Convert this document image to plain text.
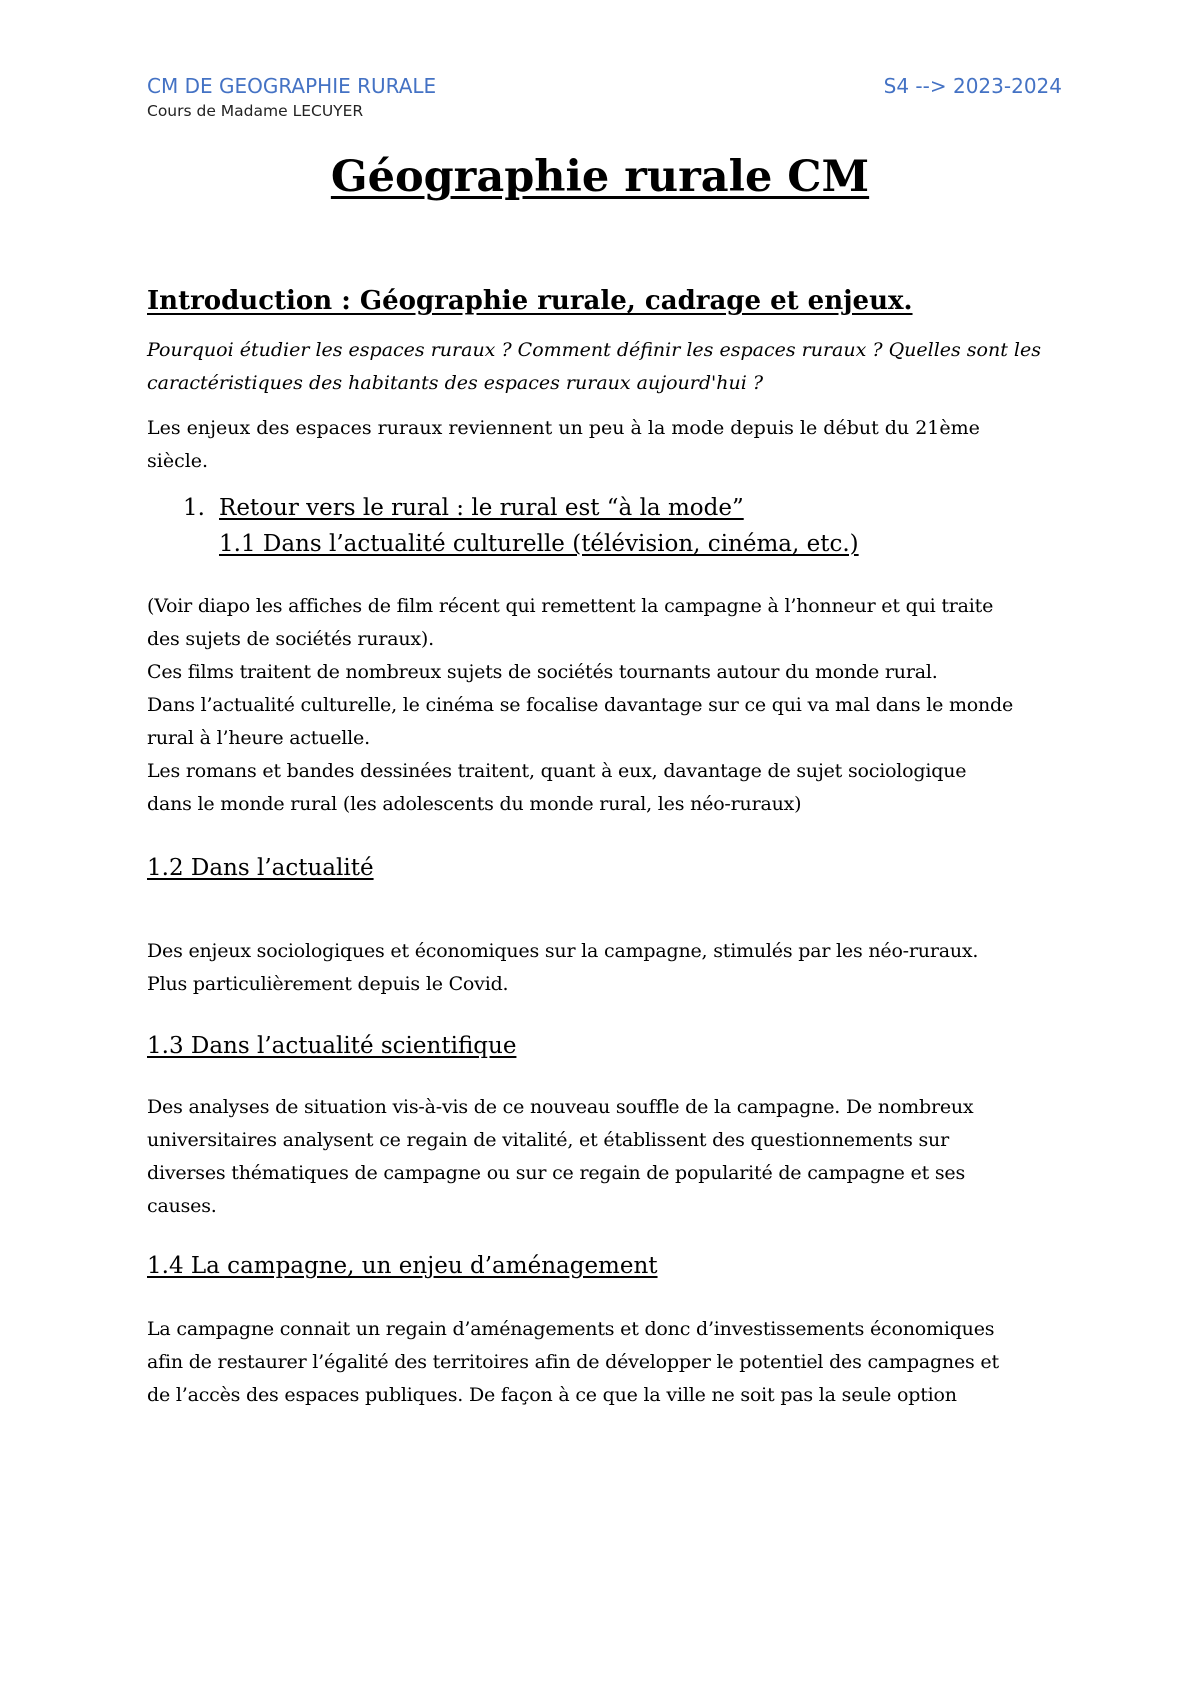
CM DE GEOGRAPHIE RURALE
Cours de Madame LECUYER
S4 --> 2023-2024
Géographie rurale CM
Introduction : Géographie rurale, cadrage et enjeux.

Pourquoi étudier les espaces ruraux ? Comment définir les espaces ruraux ? Quelles sont les

caractéristiques des habitants des espaces ruraux aujourd'hui ?

Les enjeux des espaces ruraux reviennent un peu à la mode depuis le début du 21ème

siècle.

1. Retour vers le rural : le rural est “à la mode”
1.1 Dans l’actualité culturelle (télévision, cinéma, etc.)

(Voir diapo les affiches de film récent qui remettent la campagne à l’honneur et qui traite

des sujets de sociétés ruraux).

Ces films traitent de nombreux sujets de sociétés tournants autour du monde rural.

Dans l’actualité culturelle, le cinéma se focalise davantage sur ce qui va mal dans le monde

rural à l’heure actuelle.

Les romans et bandes dessinées traitent, quant à eux, davantage de sujet sociologique

dans le monde rural (les adolescents du monde rural, les néo-ruraux)

1.2 Dans l’actualité

Des enjeux sociologiques et économiques sur la campagne, stimulés par les néo-ruraux.

Plus particulièrement depuis le Covid.

1.3 Dans l’actualité scientifique

Des analyses de situation vis-à-vis de ce nouveau souffle de la campagne. De nombreux

universitaires analysent ce regain de vitalité, et établissent des questionnements sur

diverses thématiques de campagne ou sur ce regain de popularité de campagne et ses

causes.

1.4 La campagne, un enjeu d’aménagement

La campagne connait un regain d’aménagements et donc d’investissements économiques

afin de restaurer l’égalité des territoires afin de développer le potentiel des campagnes et

de l’accès des espaces publiques. De façon à ce que la ville ne soit pas la seule option
